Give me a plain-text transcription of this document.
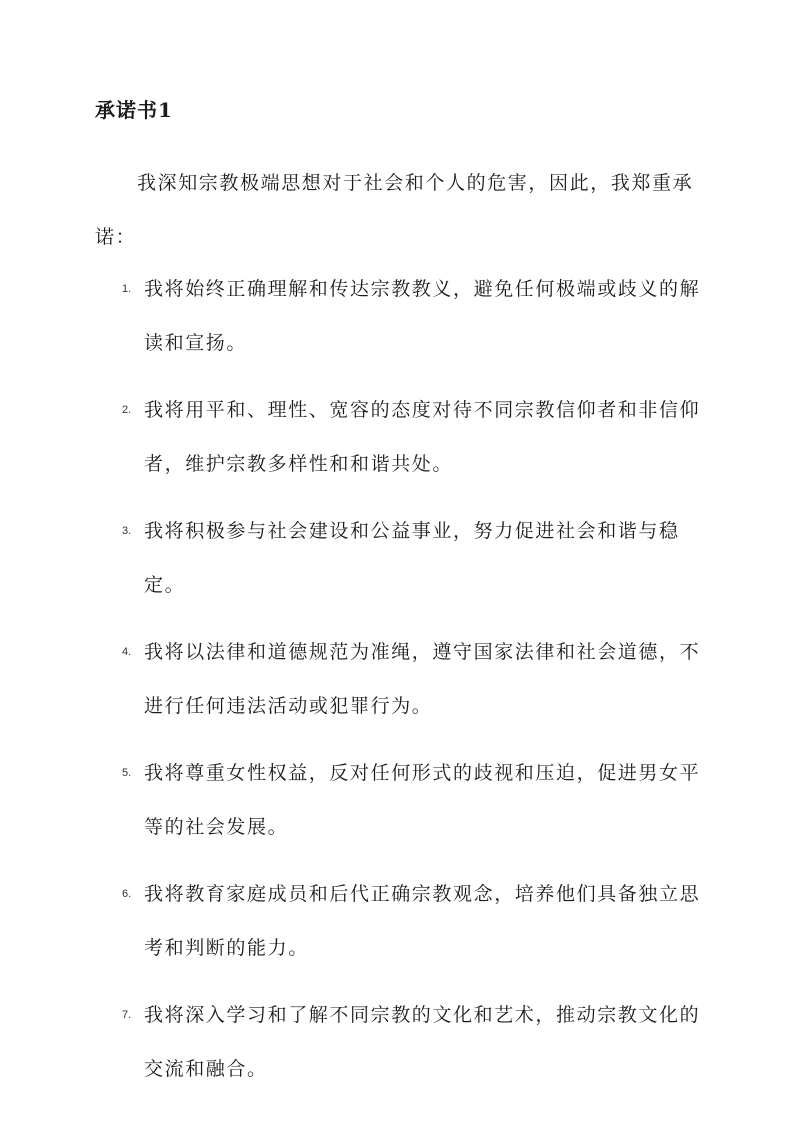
承诺书1

我深知宗教极端思想对于社会和个人的危害，因此，我郑重承诺：

1. 我将始终正确理解和传达宗教教义，避免任何极端或歧义的解读和宣扬。
2. 我将用平和、理性、宽容的态度对待不同宗教信仰者和非信仰者，维护宗教多样性和和谐共处。
3. 我将积极参与社会建设和公益事业，努力促进社会和谐与稳定。
4. 我将以法律和道德规范为准绳，遵守国家法律和社会道德，不进行任何违法活动或犯罪行为。
5. 我将尊重女性权益，反对任何形式的歧视和压迫，促进男女平等的社会发展。
6. 我将教育家庭成员和后代正确宗教观念，培养他们具备独立思考和判断的能力。
7. 我将深入学习和了解不同宗教的文化和艺术，推动宗教文化的交流和融合。
